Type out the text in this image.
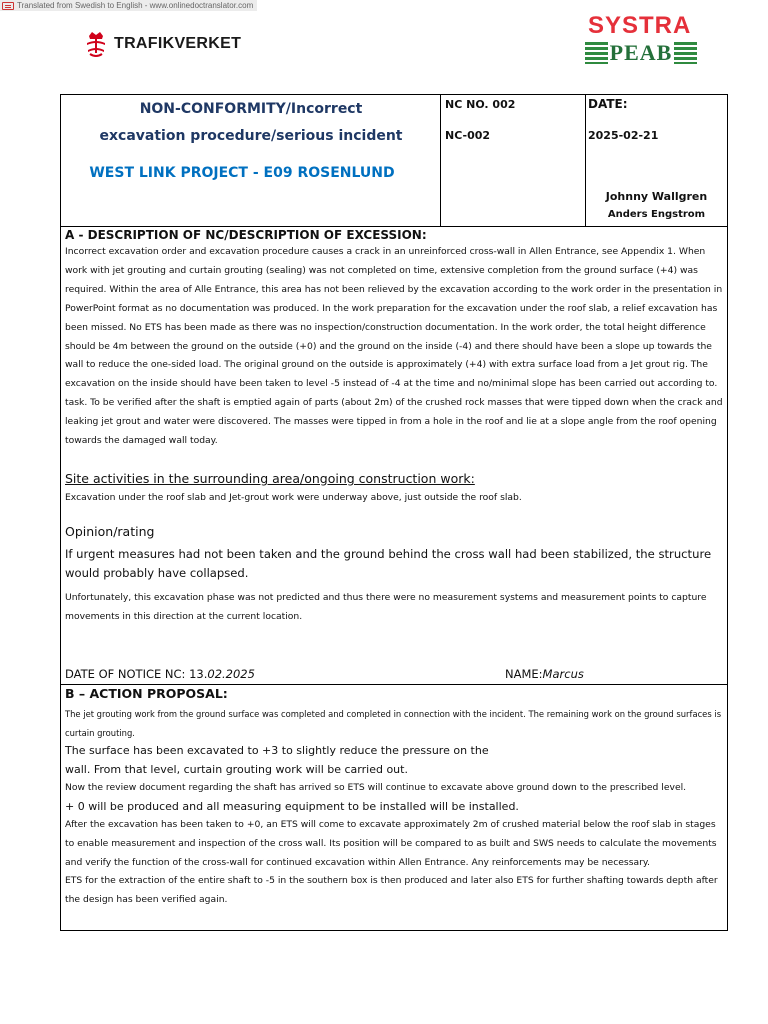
Translated from Swedish to English - www.onlinedoctranslator.com
TRAFIKVERKET
SYSTRA
PEAB
NON-CONFORMITY/Incorrect
excavation procedure/serious incident
WEST LINK PROJECT - E09 ROSENLUND
NC NO. 002
NC-002
DATE:
2025-02-21
Johnny Wallgren
Anders Engstrom
A - DESCRIPTION OF NC/DESCRIPTION OF EXCESSION:
Incorrect excavation order and excavation procedure causes a crack in an unreinforced cross-wall in Allen Entrance, see Appendix 1. When work with jet grouting and curtain grouting (sealing) was not completed on time, extensive completion from the ground surface (+4) was required. Within the area of Alle Entrance, this area has not been relieved by the excavation according to the work order in the presentation in PowerPoint format as no documentation was produced. In the work preparation for the excavation under the roof slab, a relief excavation has been missed. No ETS has been made as there was no inspection/construction documentation. In the work order, the total height difference should be 4m between the ground on the outside (+0) and the ground on the inside (-4) and there should have been a slope up towards the wall to reduce the one-sided load. The original ground on the outside is approximately (+4) with extra surface load from a Jet grout rig. The excavation on the inside should have been taken to level -5 instead of -4 at the time and no/minimal slope has been carried out according to. task. To be verified after the shaft is emptied again of parts (about 2m) of the crushed rock masses that were tipped down when the crack and leaking jet grout and water were discovered. The masses were tipped in from a hole in the roof and lie at a slope angle from the roof opening towards the damaged wall today.
Site activities in the surrounding area/ongoing construction work:
Excavation under the roof slab and Jet-grout work were underway above, just outside the roof slab.
Opinion/rating
If urgent measures had not been taken and the ground behind the cross wall had been stabilized, the structure would probably have collapsed.
Unfortunately, this excavation phase was not predicted and thus there were no measurement systems and measurement points to capture movements in this direction at the current location.
DATE OF NOTICE NC: 13.02.2025	NAME:Marcus
B – ACTION PROPOSAL:
The jet grouting work from the ground surface was completed and completed in connection with the incident. The remaining work on the ground surfaces is curtain grouting.
The surface has been excavated to +3 to slightly reduce the pressure on the
wall. From that level, curtain grouting work will be carried out.
Now the review document regarding the shaft has arrived so ETS will continue to excavate above ground down to the prescribed level.
+ 0 will be produced and all measuring equipment to be installed will be installed.
After the excavation has been taken to +0, an ETS will come to excavate approximately 2m of crushed material below the roof slab in stages to enable measurement and inspection of the cross wall. Its position will be compared to as built and SWS needs to calculate the movements and verify the function of the cross-wall for continued excavation within Allen Entrance. Any reinforcements may be necessary.
ETS for the extraction of the entire shaft to -5 in the southern box is then produced and later also ETS for further shafting towards depth after the design has been verified again.
